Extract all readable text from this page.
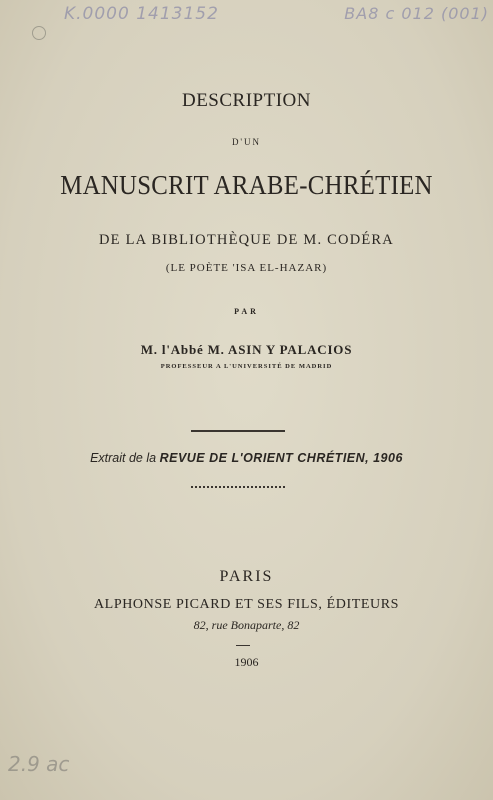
K.0000 1413152	BA8 c 012 (001)
DESCRIPTION
D'UN
MANUSCRIT ARABE-CHRÉTIEN
DE LA BIBLIOTHÈQUE DE M. CODÉRA
(LE POÈTE 'ISA EL-HAZAR)
PAR
M. l'Abbé M. ASIN Y PALACIOS
PROFESSEUR A L'UNIVERSITÉ DE MADRID
Extrait de la REVUE DE L'ORIENT CHRÉTIEN, 1906
PARIS
ALPHONSE PICARD ET SES FILS, ÉDITEURS
82, rue Bonaparte, 82
1906
2.9 ac
